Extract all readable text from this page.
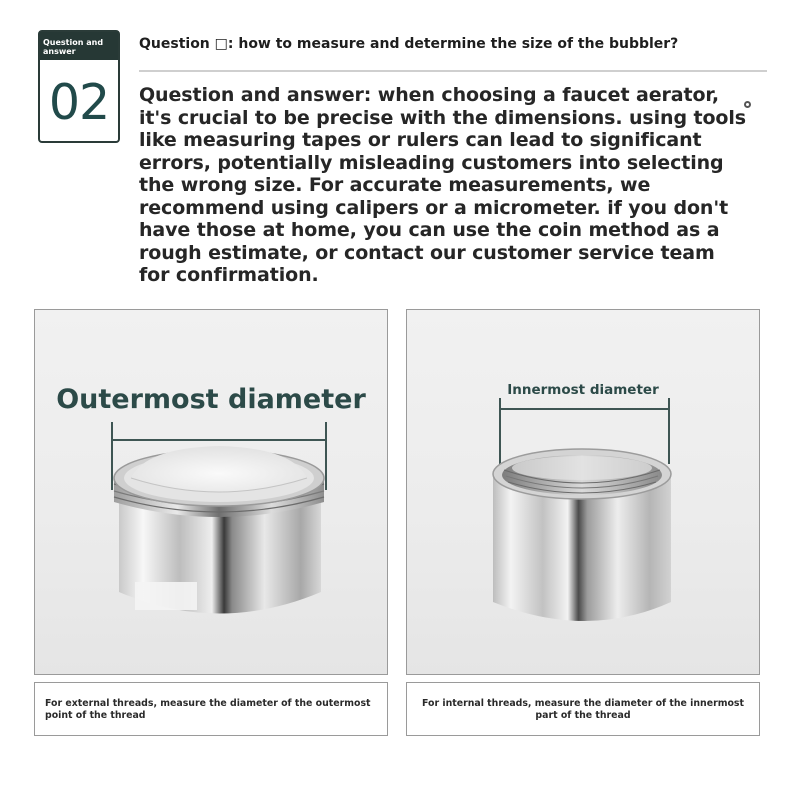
Question and answer
02
Question □: how to measure and determine the size of the bubbler?
Question and answer: when choosing a faucet aerator, it's crucial to be precise with the dimensions. using tools like measuring tapes or rulers can lead to significant errors, potentially misleading customers into selecting the wrong size. For accurate measurements, we recommend using calipers or a micrometer. if you don't have those at home, you can use the coin method as a rough estimate, or contact our customer service team for confirmation.
Outermost diameter	Innermost diameter
For external threads, measure the diameter of the outermost point of the thread
For internal threads, measure the diameter of the innermost part of the thread
